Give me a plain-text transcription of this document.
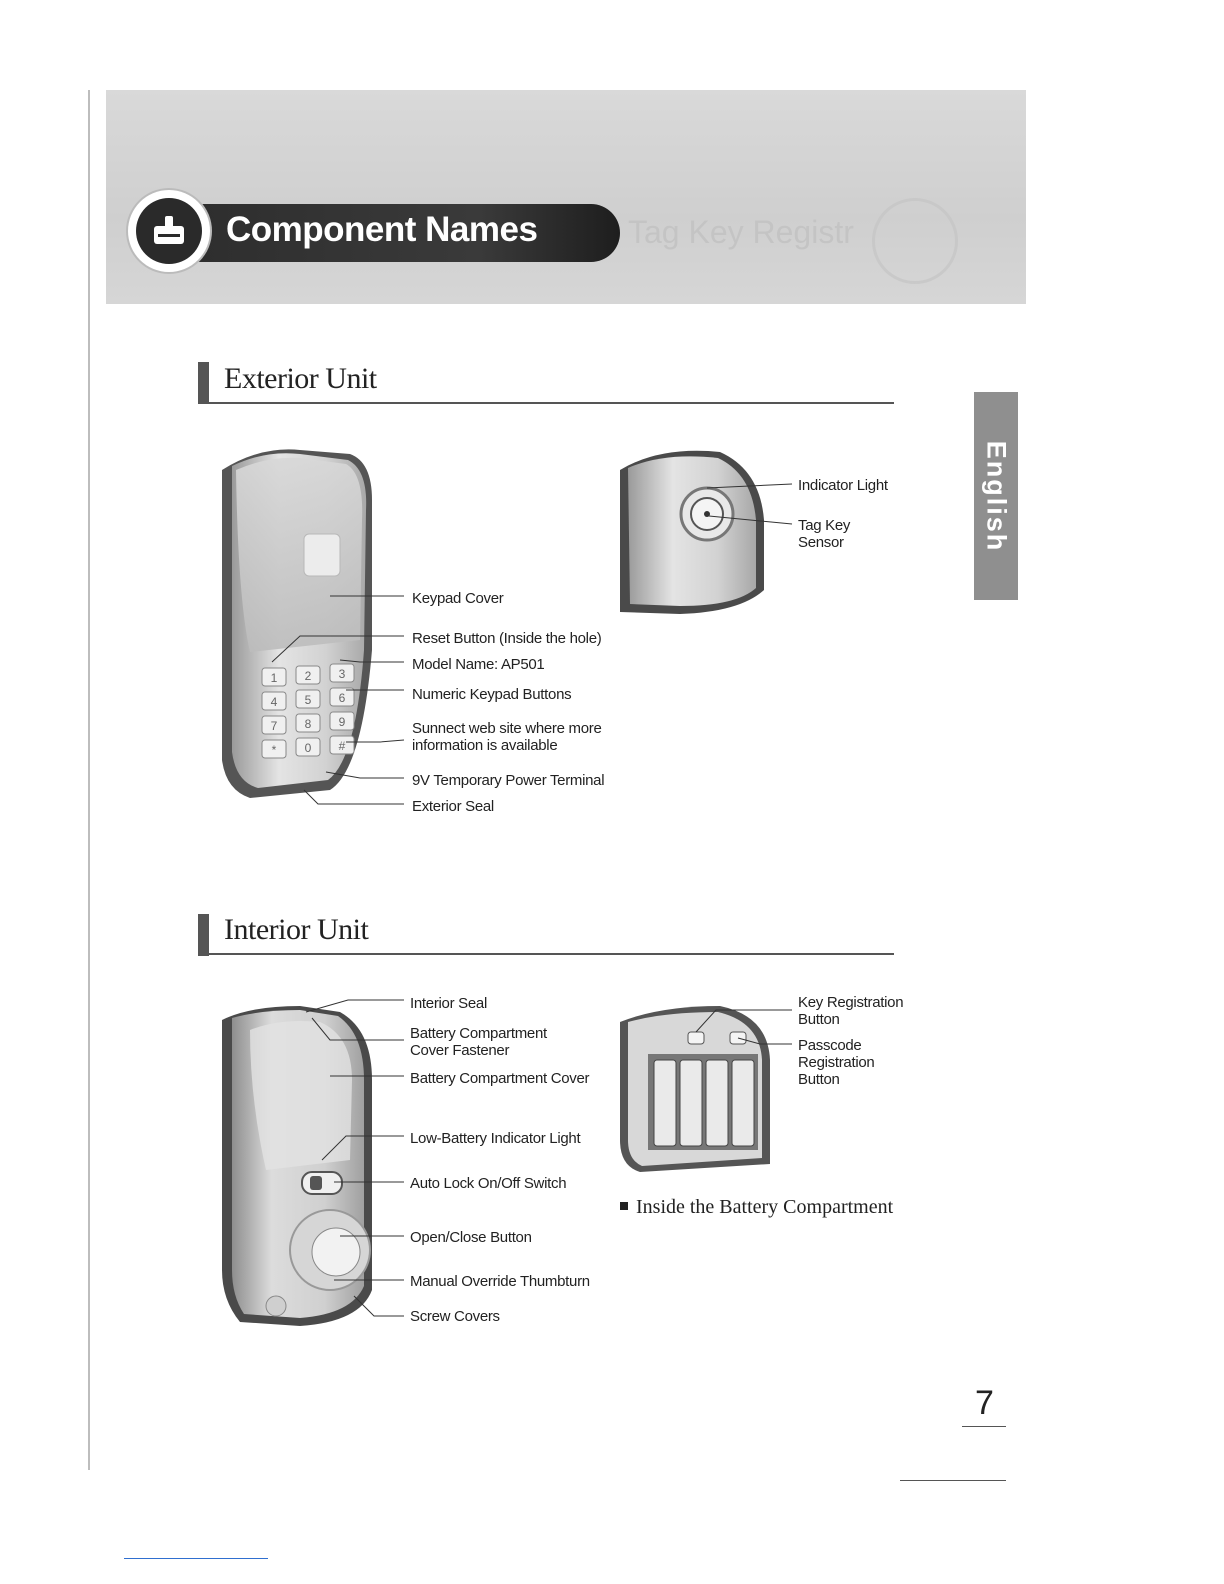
Tag Key Registr
Component Names
English
Exterior Unit
1 2 3
4 5 6
7 8 9
* 0 #
Keypad Cover
Reset Button (Inside the hole)
Model Name: AP501
Numeric Keypad Buttons
Sunnect web site where more
information is available
9V Temporary Power Terminal
Exterior Seal
Indicator Light
Tag Key
Sensor
Interior Unit
Interior Seal
Battery Compartment
Cover Fastener
Battery Compartment Cover
Low-Battery Indicator Light
Auto Lock On/Off Switch
Open/Close Button
Manual Override Thumbturn
Screw Covers
Key Registration
Button
Passcode
Registration
Button
Inside the Battery Compartment
7
